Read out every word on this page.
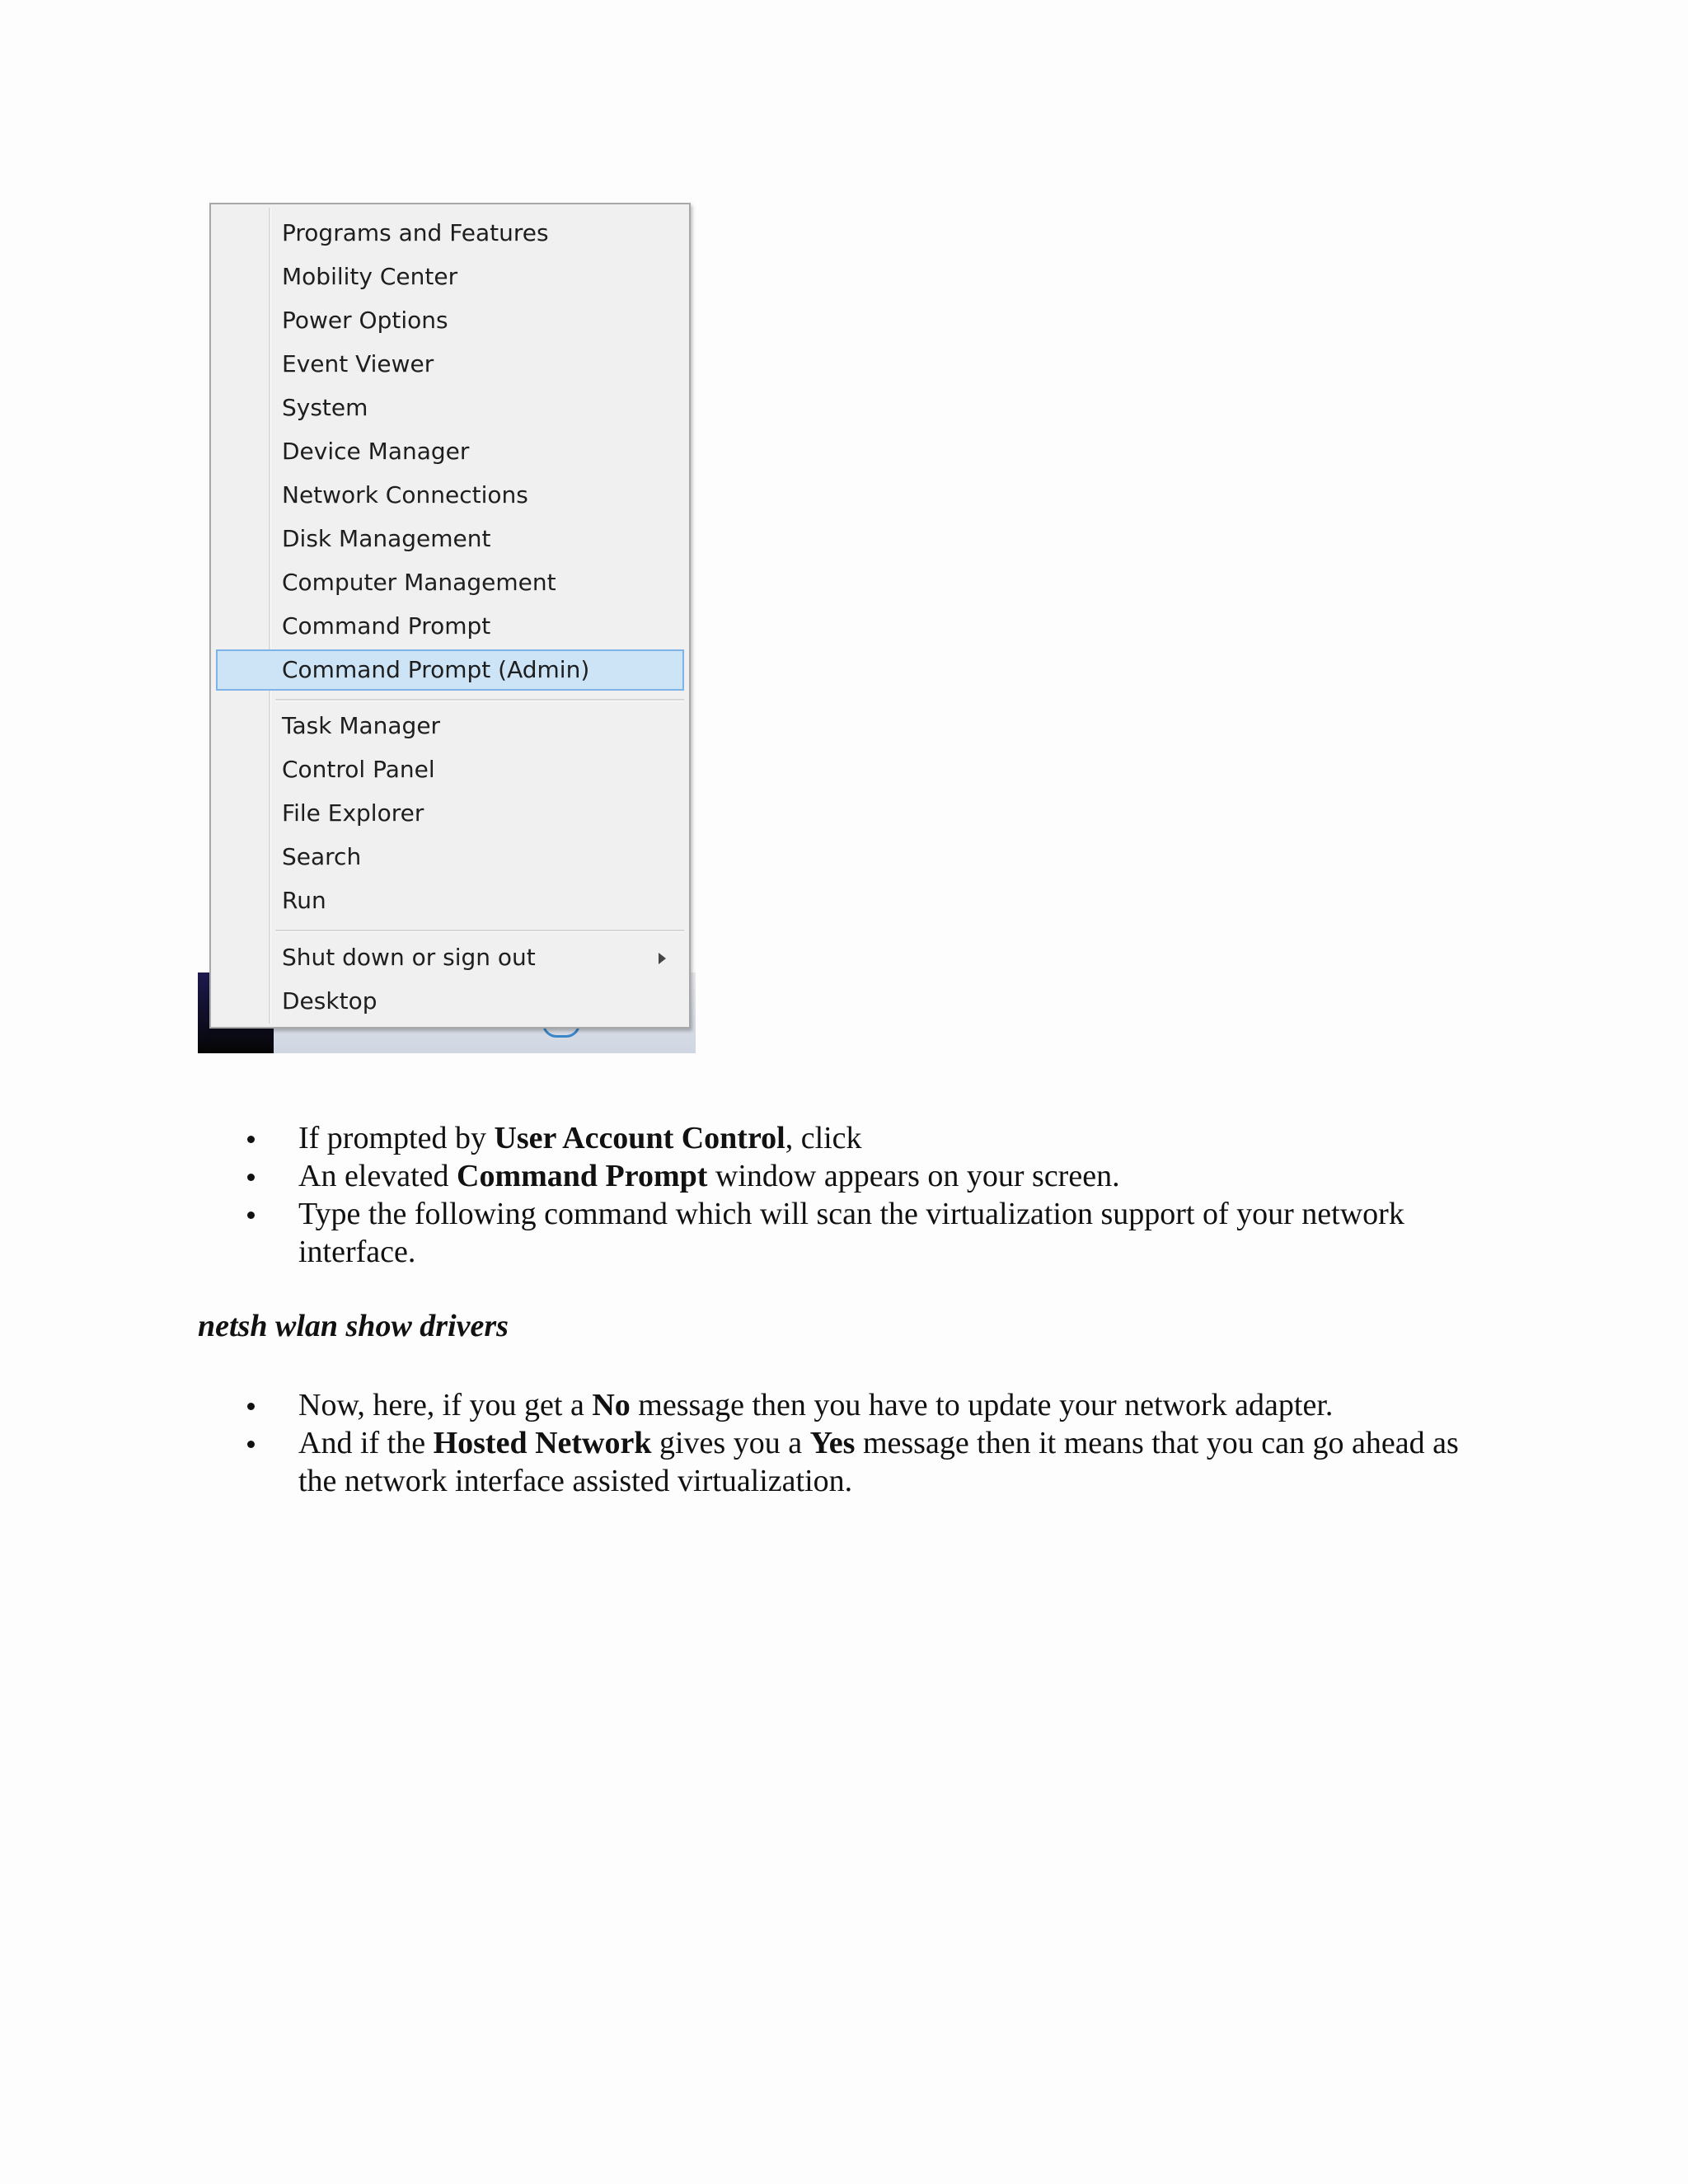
Programs and Features
Mobility Center
Power Options
Event Viewer
System
Device Manager
Network Connections
Disk Management
Computer Management
Command Prompt
Command Prompt (Admin)
Task Manager
Control Panel
File Explorer
Search
Run
Shut down or sign out
Desktop
If prompted by User Account Control, click
An elevated Command Prompt window appears on your screen.
Type the following command which will scan the virtualization support of your network interface.
netsh wlan show drivers
Now, here, if you get a No message then you have to update your network adapter.
And if the Hosted Network gives you a Yes message then it means that you can go ahead as the network interface assisted virtualization.
